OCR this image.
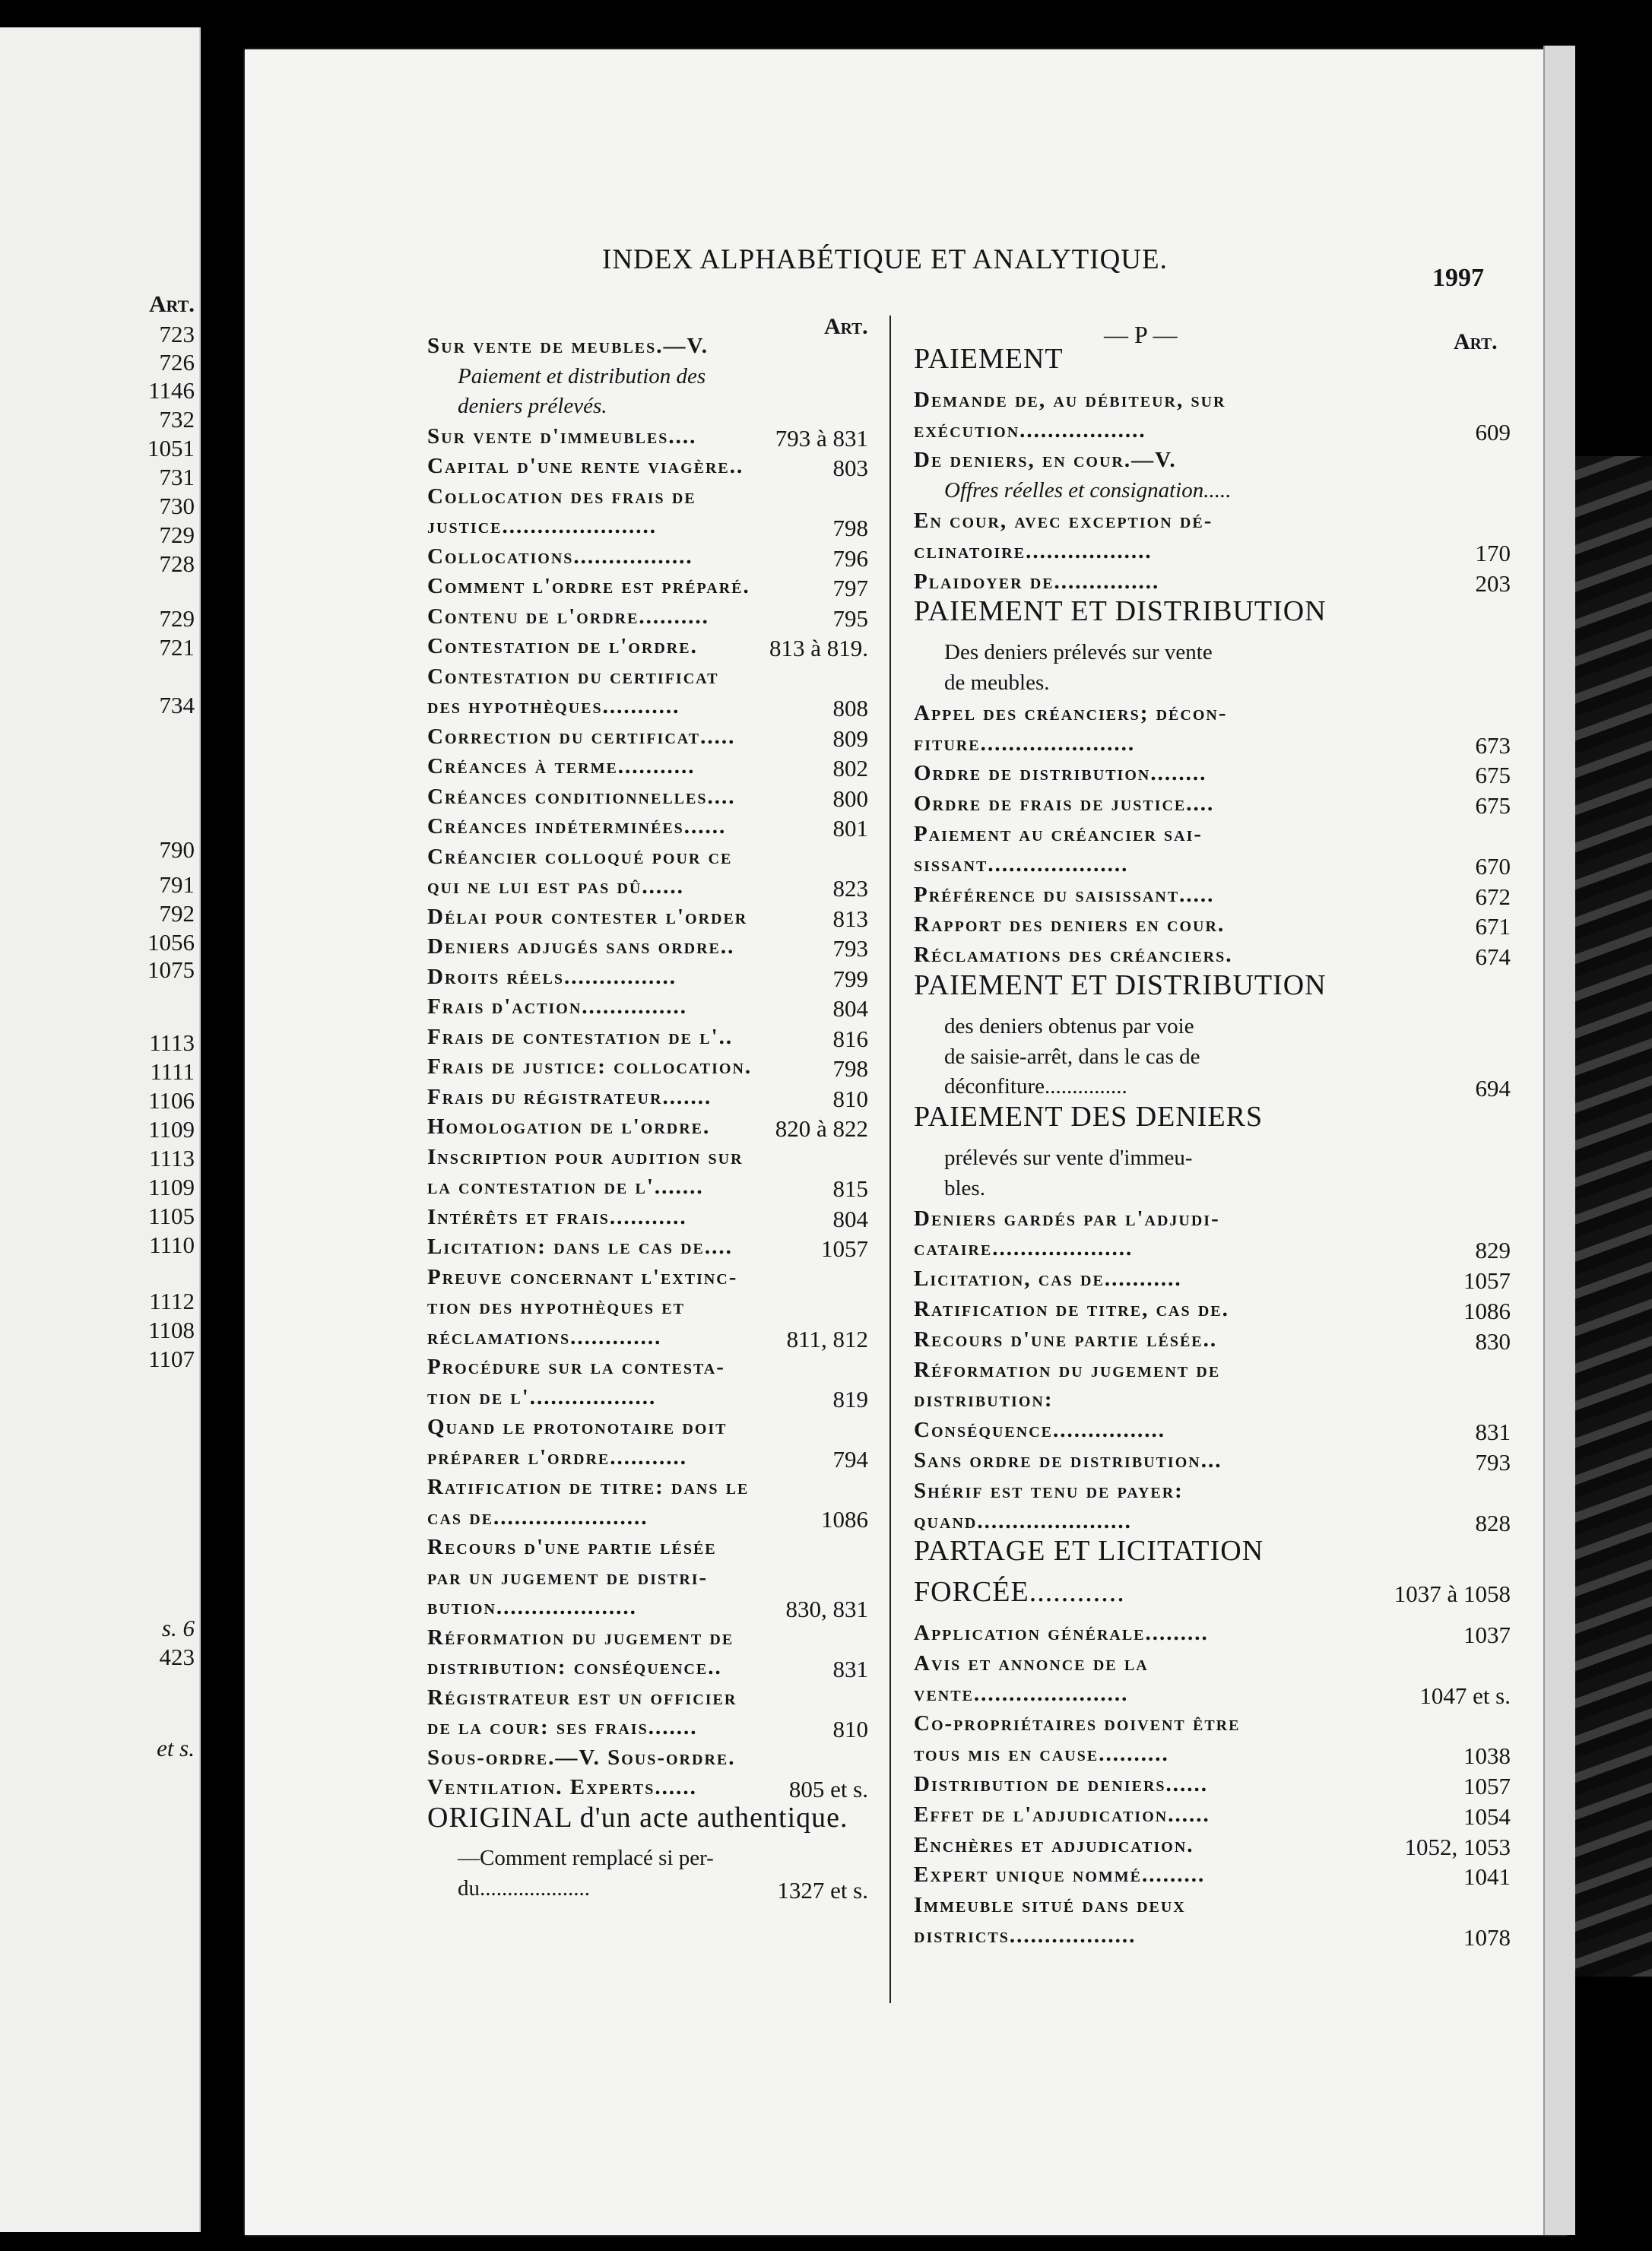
Art.
723
726
1146
732
1051
731
730
729
728
729
721
734
790
791
792
1056
1075
1113
1111
1106
1109
1113
1109
1105
1110
1112
1108
1107
s. 6
423
et s.
INDEX ALPHABÉTIQUE ET ANALYTIQUE.
1997
Sur vente de meubles.—V.
Paiement et distribution des
deniers prélevés.
Sur vente d'immeubles....	793 à 831
Capital d'une rente viagère..	803
Collocation des frais de
justice......................	798
Collocations.................	796
Comment l'ordre est préparé.	797
Contenu de l'ordre..........	795
Contestation de l'ordre.	813 à 819.
Contestation du certificat
des hypothèques...........	808
Correction du certificat.....	809
Créances à terme...........	802
Créances conditionnelles....	800
Créances indéterminées......	801
Créancier colloqué pour ce
qui ne lui est pas dû......	823
Délai pour contester l'order	813
Deniers adjugés sans ordre..	793
Droits réels................	799
Frais d'action...............	804
Frais de contestation de l'..	816
Frais de justice: collocation.	798
Frais du régistrateur.......	810
Homologation de l'ordre.	820 à 822
Inscription pour audition sur
la contestation de l'.......	815
Intérêts et frais...........	804
Licitation: dans le cas de....	1057
Preuve concernant l'extinc-
tion des hypothèques et
réclamations.............	811, 812
Procédure sur la contesta-
tion de l'..................	819
Quand le protonotaire doit
préparer l'ordre...........	794
Ratification de titre: dans le
cas de......................	1086
Recours d'une partie lésée
par un jugement de distri-
bution....................	830, 831
Réformation du jugement de
distribution: conséquence..	831
Régistrateur est un officier
de la cour: ses frais.......	810
Sous-ordre.—V. Sous-ordre.
Ventilation. Experts......	805 et s.
ORIGINAL d'un acte authentique.
—Comment remplacé si per-
du....................	1327 et s.
Art.
PAIEMENT
Demande de, au débiteur, sur
exécution..................	609
De deniers, en cour.—V.
Offres réelles et consignation.....
En cour, avec exception dé-
clinatoire..................	170
Plaidoyer de...............	203
PAIEMENT ET DISTRIBUTION
Des deniers prélevés sur vente
de meubles.
Appel des créanciers; décon-
fiture......................	673
Ordre de distribution........	675
Ordre de frais de justice....	675
Paiement au créancier sai-
sissant....................	670
Préférence du saisissant.....	672
Rapport des deniers en cour.	671
Réclamations des créanciers.	674
PAIEMENT ET DISTRIBUTION
des deniers obtenus par voie
de saisie-arrêt, dans le cas de
déconfiture...............	694
PAIEMENT DES DENIERS
prélevés sur vente d'immeu-
bles.
Deniers gardés par l'adjudi-
cataire....................	829
Licitation, cas de...........	1057
Ratification de titre, cas de.	1086
Recours d'une partie lésée..	830
Réformation du jugement de
distribution:
Conséquence................	831
Sans ordre de distribution...	793
Shérif est tenu de payer:
quand......................	828
PARTAGE ET LICITATION
FORCÉE............	1037 à 1058
Application générale.........	1037
Avis et annonce de la
vente......................	1047 et s.
Co-propriétaires doivent être
tous mis en cause..........	1038
Distribution de deniers......	1057
Effet de l'adjudication......	1054
Enchères et adjudication.	1052, 1053
Expert unique nommé.........	1041
Immeuble situé dans deux
districts..................	1078
— P —	Art.
